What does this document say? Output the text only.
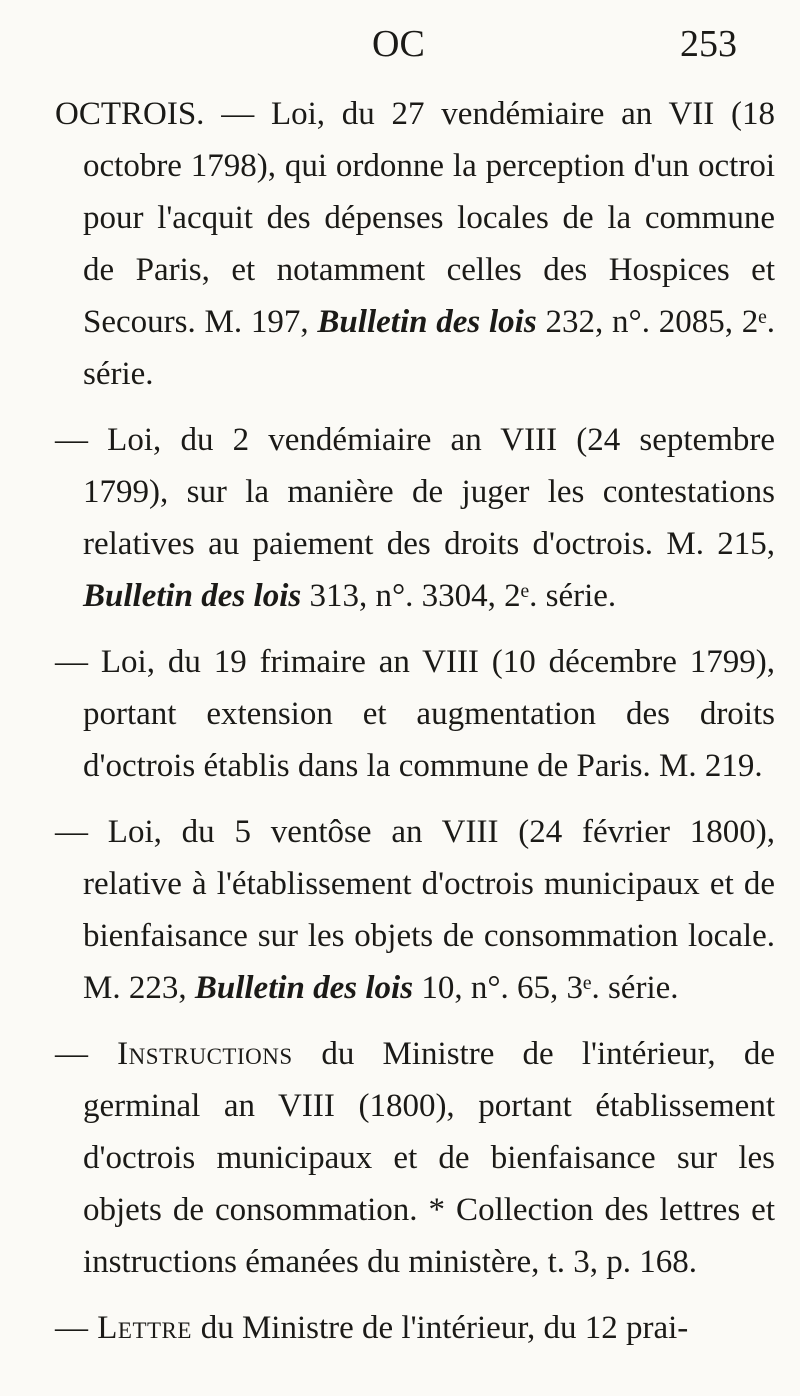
OC	253

OCTROIS. — Loi, du 27 vendémiaire an VII (18 octobre 1798), qui ordonne la perception d'un octroi pour l'acquit des dépenses locales de la commune de Paris, et notamment celles des Hospices et Secours. M. 197, Bulletin des lois 232, n°. 2085, 2ᵉ. série.

— Loi, du 2 vendémiaire an VIII (24 septembre 1799), sur la manière de juger les contestations relatives au paiement des droits d'octrois. M. 215, Bulletin des lois 313, n°. 3304, 2ᵉ. série.

— Loi, du 19 frimaire an VIII (10 décembre 1799), portant extension et augmentation des droits d'octrois établis dans la commune de Paris. M. 219.

— Loi, du 5 ventôse an VIII (24 février 1800), relative à l'établissement d'octrois municipaux et de bienfaisance sur les objets de consommation locale. M. 223, Bulletin des lois 10, n°. 65, 3ᵉ. série.

— Instructions du Ministre de l'intérieur, de germinal an VIII (1800), portant établissement d'octrois municipaux et de bienfaisance sur les objets de consommation. * Collection des lettres et instructions émanées du ministère, t. 3, p. 168.

— Lettre du Ministre de l'intérieur, du 12 prai-
